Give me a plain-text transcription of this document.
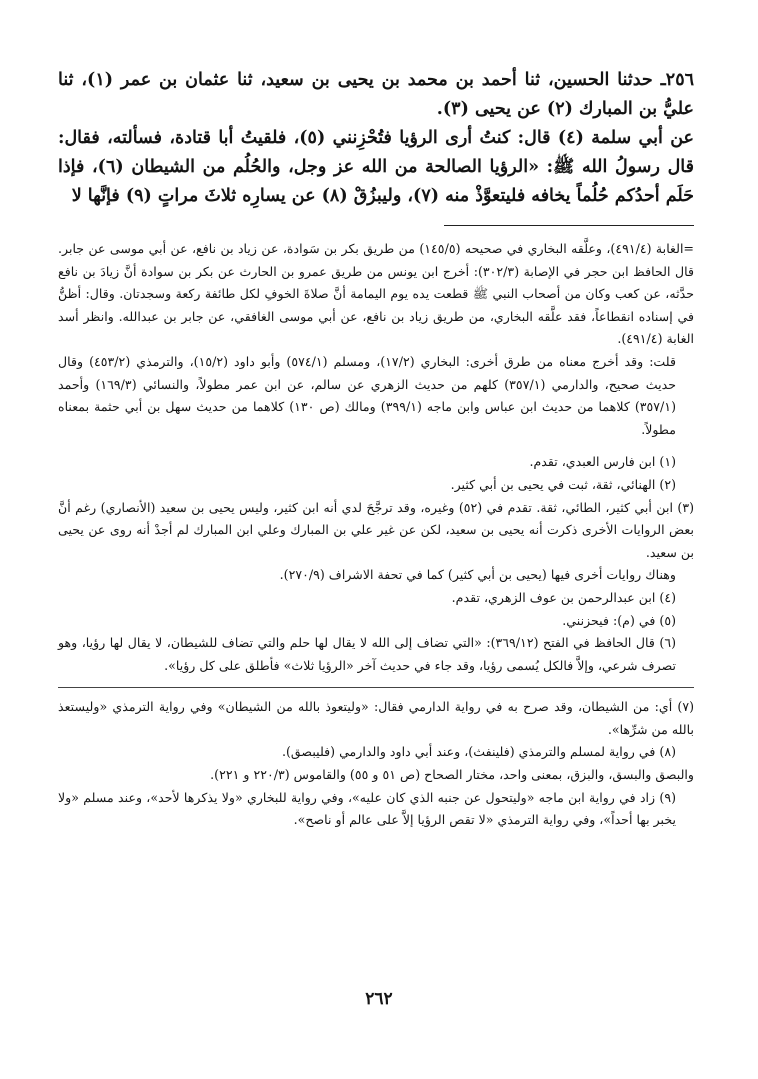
٢٥٦ـ حدثنا الحسين، ثنا أحمد بن محمد بن يحيى بن سعيد، ثنا عثمان بن عمر (١)، ثنا عليُّ بن المبارك (٢) عن يحيى (٣).

عن أبي سلمة (٤) قال: كنتُ أرى الرؤيا فتُحْزِنني (٥)، فلقيتُ أبا قتادة، فسألته، فقال: قال رسولُ الله ﷺ: «الرؤيا الصالحة من الله عز وجل، والحُلُم من الشيطان (٦)، فإذا حَلَم أحدُكم حُلُماً يخافه فليتعوَّذْ منه (٧)، وليبزُقْ (٨) عن يسارِه ثلاثَ مراتٍ (٩) فإنَّها لا

=الغابة (٤٩١/٤)، وعلَّقه البخاري في صحيحه (١٤٥/٥) من طريق بكر بن سَوادة، عن زياد بن نافع، عن أبي موسى عن جابر. قال الحافظ ابن حجر في الإصابة (٣٠٢/٣): أخرج ابن يونس من طريق عمرو بن الحارث عن بكر بن سوادة أنَّ زيادَ بن نافع حدَّثه، عن كعب وكان من أصحاب النبي ﷺ قطعت يده يوم اليمامة أنَّ صلاةَ الخوفِ لكل طائفة ركعة وسجدتان. وقال: أظنُّ في إسناده انقطاعاً، فقد علَّقه البخاري، من طريق زياد بن نافع، عن أبي موسى الغافقي، عن جابر بن عبدالله. وانظر أسد الغابة (٤٩١/٤).

قلت: وقد أخرج معناه من طرق أخرى: البخاري (١٧/٢)، ومسلم (٥٧٤/١) وأبو داود (١٥/٢)، والترمذي (٤٥٣/٢) وقال حديث صحيح، والدارمي (٣٥٧/١) كلهم من حديث الزهري عن سالم، عن ابن عمر مطولاً، والنسائي (١٦٩/٣) وأحمد (٣٥٧/١) كلاهما من حديث ابن عباس وابن ماجه (٣٩٩/١) ومالك (ص ١٣٠) كلاهما من حديث سهل بن أبي حثمة بمعناه مطولاً.

(١) ابن فارس العبدي، تقدم.

(٢) الهنائي، ثقة، ثبت في يحيى بن أبي كثير.

(٣) ابن أبي كثير، الطائي، ثقة. تقدم في (٥٢) وغيره، وقد ترجَّحَ لدي أنه ابن كثير، وليس يحيى بن سعيد (الأنصاري) رغم أنَّ بعض الروايات الأخرى ذكرت أنه يحيى بن سعيد، لكن عن غير علي بن المبارك وعلي ابن المبارك لم أجدْ أنه روى عن يحيى بن سعيد.

وهناك روايات أخرى فيها (يحيى بن أبي كثير) كما في تحفة الاشراف (٢٧٠/٩).

(٤) ابن عبدالرحمن بن عوف الزهري، تقدم.

(٥) في (م): فيحزنني.

(٦) قال الحافظ في الفتح (٣٦٩/١٢): «التي تضاف إلى الله لا يقال لها حلم والتي تضاف للشيطان، لا يقال لها رؤيا، وهو تصرف شرعي، وإلاَّ فالكل يُسمى رؤيا، وقد جاء في حديث آخر «الرؤيا ثلاث» فأطلق على كل رؤيا».

(٧) أي: من الشيطان، وقد صرح به في رواية الدارمي فقال: «وليتعوذ بالله من الشيطان» وفي رواية الترمذي «وليستعذ بالله من شرِّها».

(٨) في رواية لمسلم والترمذي (فلينفث)، وعند أبي داود والدارمي (فليبصق).

والبصق والبسق، والبزق، بمعنى واحد، مختار الصحاح (ص ٥١ و ٥٥) والقاموس (٢٢٠/٣ و ٢٢١).

(٩) زاد في رواية ابن ماجه «وليتحول عن جنبه الذي كان عليه»، وفي رواية للبخاري «ولا يذكرها لأحد»، وعند مسلم «ولا يخبر بها أحداً»، وفي رواية الترمذي «لا تقص الرؤيا إلاَّ على عالم أو ناصح».

٢٦٢
